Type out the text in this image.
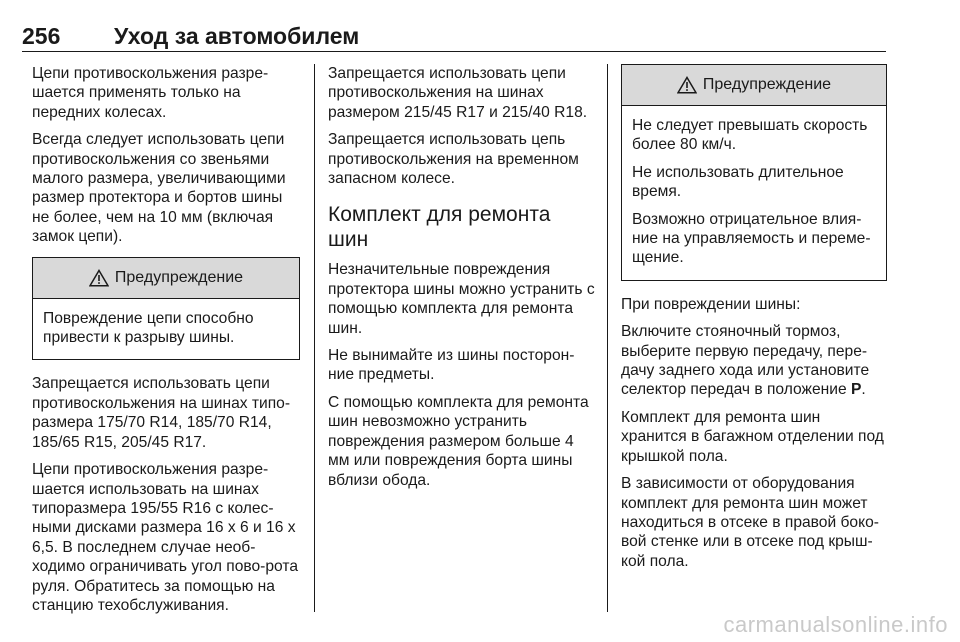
256 Уход за автомобилем

Цепи противоскольжения разре-шается применять только на передних колесах.

Всегда следует использовать цепи противоскольжения со звеньями малого размера, увеличивающими размер протектора и бортов шины не более, чем на 10 мм (включая замок цепи).

Предупреждение

Повреждение цепи способно привести к разрыву шины.

Запрещается использовать цепи противоскольжения на шинах типо-размера 175/70 R14, 185/70 R14, 185/65 R15, 205/45 R17.

Цепи противоскольжения разре-шается использовать на шинах типоразмера 195/55 R16 с колес-ными дисками размера 16 x 6 и 16 x 6,5. В последнем случае необ-ходимо ограничивать угол пово-рота руля. Обратитесь за помощью на станцию техобслуживания.

Запрещается использовать цепи противоскольжения на шинах размером 215/45 R17 и 215/40 R18.

Запрещается использовать цепь противоскольжения на временном запасном колесе.

Комплект для ремонта шин

Незначительные повреждения протектора шины можно устранить с помощью комплекта для ремонта шин.

Не вынимайте из шины посторон-ние предметы.

С помощью комплекта для ремонта шин невозможно устранить повреждения размером больше 4 мм или повреждения борта шины вблизи обода.

Предупреждение

Не следует превышать скорость более 80 км/ч.

Не использовать длительное время.

Возможно отрицательное влия-ние на управляемость и переме-щение.

При повреждении шины:

Включите стояночный тормоз, выберите первую передачу, пере-дачу заднего хода или установите селектор передач в положение P.

Комплект для ремонта шин хранится в багажном отделении под крышкой пола.

В зависимости от оборудования комплект для ремонта шин может находиться в отсеке в правой боко-вой стенке или в отсеке под крыш-кой пола.

carmanualsonline.info
